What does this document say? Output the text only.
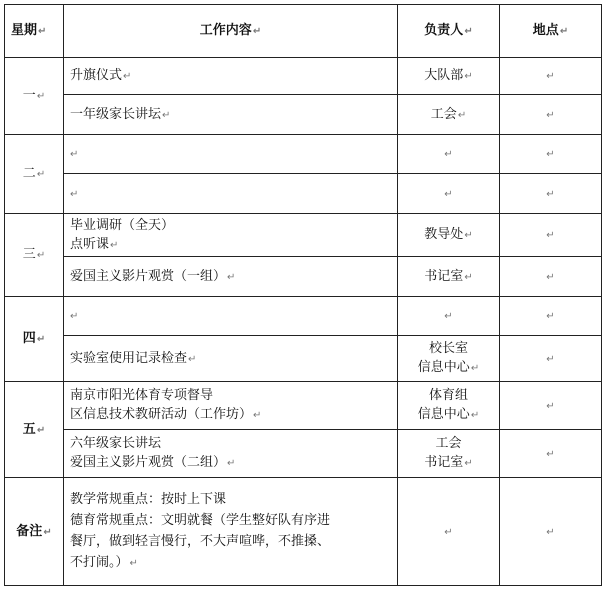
星期↵	工作内容↵	负责人↵	地点↵
一↵	升旗仪式↵	大队部↵	↵

	一年级家长讲坛↵	工会↵	↵
二↵	↵	↵	↵
	↵	↵	↵
三↵	毕业调研（全天）
点听课↵	教导处↵	↵

	爱国主义影片观赏（一组）↵	书记室↵	↵
四↵	↵	↵	↵

	实验室使用记录检查↵	校长室
信息中心↵	↵
五↵	南京市阳光体育专项督导
区信息技术教研活动（工作坊）↵	体育组
信息中心↵	↵

	六年级家长讲坛
爱国主义影片观赏（二组）↵	工会
书记室↵	↵
备注↵	教学常规重点：按时上下课
德育常规重点：文明就餐（学生整好队有序进
餐厅，做到轻言慢行，不大声喧哗，不推搡、
不打闹。）↵	↵	↵
